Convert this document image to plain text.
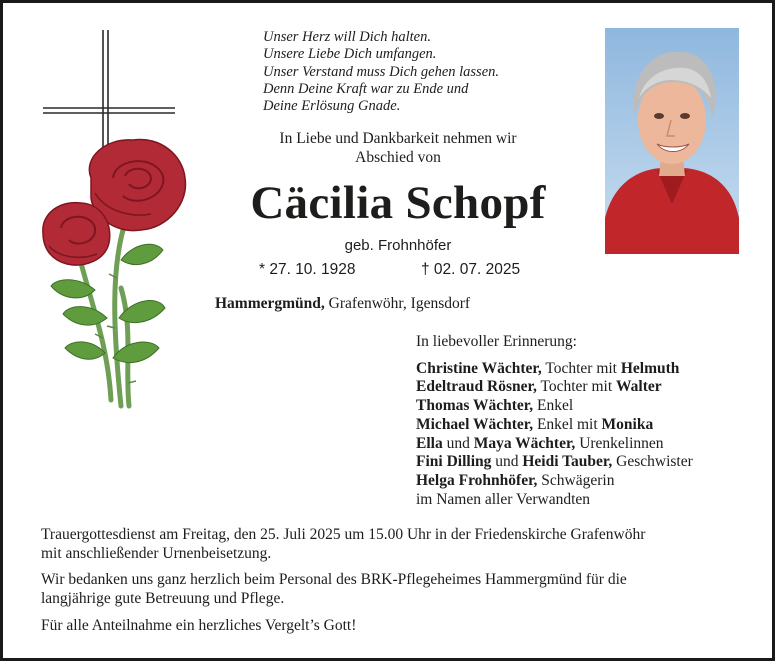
Unser Herz will Dich halten.
Unsere Liebe Dich umfangen.
Unser Verstand muss Dich gehen lassen.
Denn Deine Kraft war zu Ende und
Deine Erlösung Gnade.
In Liebe und Dankbarkeit nehmen wir
Abschied von
Cäcilia Schopf
geb. Frohnhöfer
* 27. 10. 1928	† 02. 07. 2025
Hammergmünd, Grafenwöhr, Igensdorf
In liebevoller Erinnerung:
Christine Wächter, Tochter mit Helmuth
Edeltraud Rösner, Tochter mit Walter
Thomas Wächter, Enkel
Michael Wächter, Enkel mit Monika
Ella und Maya Wächter, Urenkelinnen
Fini Dilling und Heidi Tauber, Geschwister
Helga Frohnhöfer, Schwägerin
im Namen aller Verwandten
Trauergottesdienst am Freitag, den 25. Juli 2025 um 15.00 Uhr in der Friedenskirche Grafenwöhr
mit anschließender Urnenbeisetzung.
Wir bedanken uns ganz herzlich beim Personal des BRK-Pflegeheimes Hammergmünd für die
langjährige gute Betreuung und Pflege.
Für alle Anteilnahme ein herzliches Vergelt’s Gott!
